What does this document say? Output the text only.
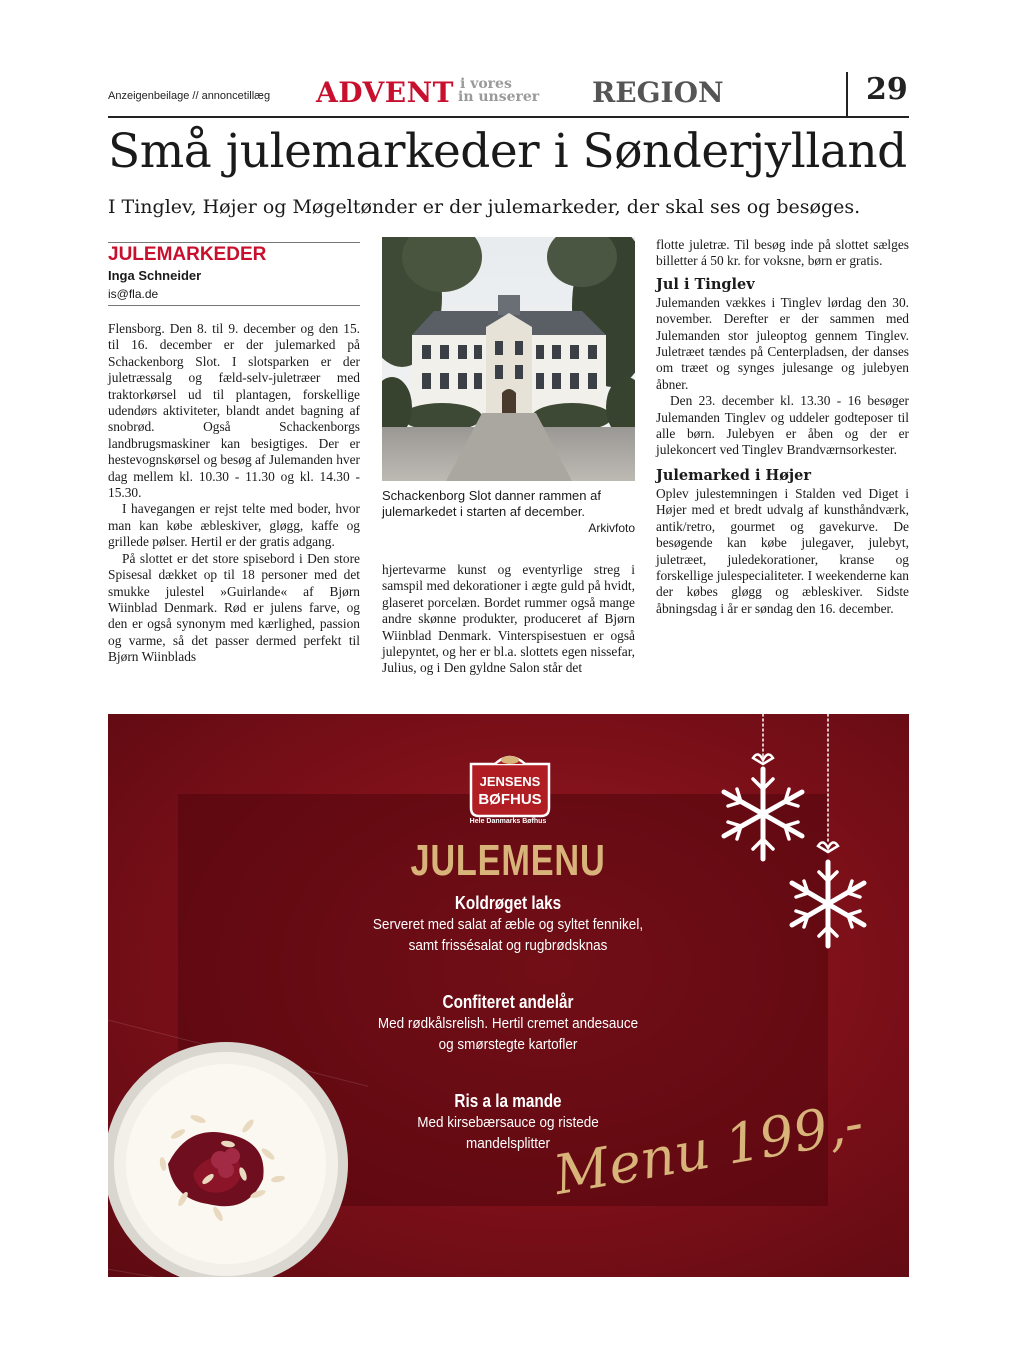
Anzeigenbeilage // annoncetillæg ADVENT i vores
in unserer REGION	29
Små julemarkeder i Sønderjylland
I Tinglev, Højer og Møgeltønder er der julemarkeder, der skal ses og besøges.
JULEMARKEDER
Inga Schneider
is@fla.de

Flensborg. Den 8. til 9. december og den 15. til 16. december er der julemarked på Schackenborg Slot. I slotsparken er der juletræssalg og fæld-selv-juletræer med traktorkørsel ud til plantagen, forskellige udendørs aktiviteter, blandt andet bagning af snobrød. Også Schackenborgs landbrugsmaskiner kan besigtiges. Der er hestevognskørsel og besøg af Julemanden hver dag mellem kl. 10.30 - 11.30 og kl. 14.30 - 15.30.

I havegangen er rejst telte med boder, hvor man kan købe æbleskiver, gløgg, kaffe og grillede pølser. Hertil er der gratis adgang.

På slottet er det store spisebord i Den store Spisesal dækket op til 18 personer med det smukke julestel »Guirlande« af Bjørn Wiinblad Denmark. Rød er julens farve, og den er også synonym med kærlighed, passion og varme, så det passer dermed perfekt til Bjørn Wiinblads

Schackenborg Slot danner rammen af julemarkedet i starten af december.
Arkivfoto

hjertevarme kunst og eventyrlige streg i samspil med dekorationer i ægte guld på hvidt, glaseret porcelæn. Bordet rummer også mange andre skønne produkter, produceret af Bjørn Wiinblad Denmark. Vinterspisestuen er også julepyntet, og her er bl.a. slottets egen nissefar, Julius, og i Den gyldne Salon står det

flotte juletræ. Til besøg inde på slottet sælges billetter á 50 kr. for voksne, børn er gratis.

Jul i Tinglev

Julemanden vækkes i Tinglev lørdag den 30. november. Derefter er der sammen med Julemanden stor juleoptog gennem Tinglev. Juletræet tændes på Centerpladsen, der danses om træet og synges julesange og julebyen åbner.

Den 23. december kl. 13.30 - 16 besøger Julemanden Tinglev og uddeler godteposer til alle børn. Julebyen er åben og der er julekoncert ved Tinglev Brandværnsorkester.

Julemarked i Højer

Oplev julestemningen i Stalden ved Diget i Højer med et bredt udvalg af kunsthåndværk, antik/retro, gourmet og gavekurve. De besøgende kan købe julegaver, julebyt, juletræet, juledekorationer, kranse og forskellige julespecialiteter. I weekenderne kan der købes gløgg og æbleskiver. Sidste åbningsdag i år er søndag den 16. december.

JENSENS
BØFHUS
Hele Danmarks Bøfhus
JULEMENU
Koldrøget laks
Serveret med salat af æble og syltet fennikel,
samt frissésalat og rugbrødsknas
Confiteret andelår
Med rødkålsrelish. Hertil cremet andesauce
og smørstegte kartofler
Ris a la mande
Med kirsebærsauce og ristede
mandelsplitter Menu 199,-
